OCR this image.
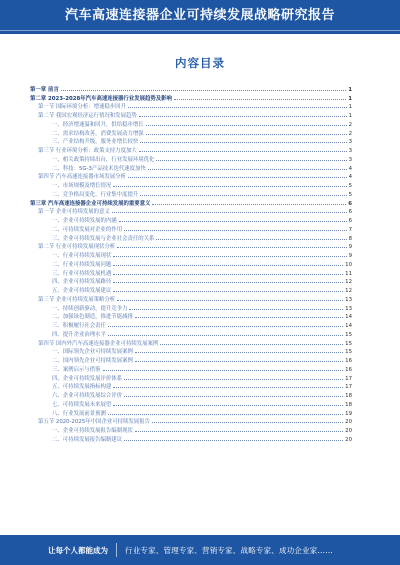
汽车高速连接器企业可持续发展战略研究报告
内容目录
第一章 前言	1
第二章 2023-2028年汽车高速连接器行业发展趋势及影响	1
第一节 国际环境分析：增速稳步回升	1
第二节 我国宏观经济运行情况和发展趋势	1
一、经济增速温和回升，供给稳步增长	2
二、需求结构改善，消费发展动力增强	2
三、产业结构升级，服务业增长较快	3
第三节 行业环境分析：政策支持力度加大	3
一、相关政策持续出台，行业发展环境优化	3
二、科技：5G-3产品技术迭代速度加快	4
第四节 汽车高速连接器市场发展分析	4
一、市场规模及增长情况	5
二、竞争格局变化，行业集中度提升	5
第三章 汽车高速连接器企业可持续发展的重要意义	6
第一节 企业可持续发展的意义	6
一、企业可持续发展的内涵	6
二、可持续发展对企业的作用	7
三、企业可持续发展与企业社会责任的关系	8
第二节 行业可持续发展现状分析	9
一、行业可持续发展现状	9
二、行业可持续发展问题	10
三、行业可持续发展机遇	11
四、企业可持续发展路径	12
五、企业可持续发展建议	12
第三节 企业可持续发展策略分析	13
一、持续创新驱动，提升竞争力	13
二、加强绿色制造，推进节能减排	14
三、积极履行社会责任	14
四、提升企业治理水平	15
第四节 国内外汽车高速连接器企业可持续发展案例	15
一、国际领先企业可持续发展案例	15
二、国内领先企业可持续发展案例	16
三、案例启示与借鉴	16
四、企业可持续发展评价体系	17
五、可持续发展指标构建	17
六、企业可持续发展综合评价	18
七、可持续发展未来展望	18
八、行业发展前景预测	19
第五节 2020-2025年中国企业可持续发展报告	20
一、企业可持续发展报告编制现状	20
二、可持续发展报告编制建议	20
让每个人都能成为 行业专家、管理专家、营销专家、战略专家、成功企业家……
